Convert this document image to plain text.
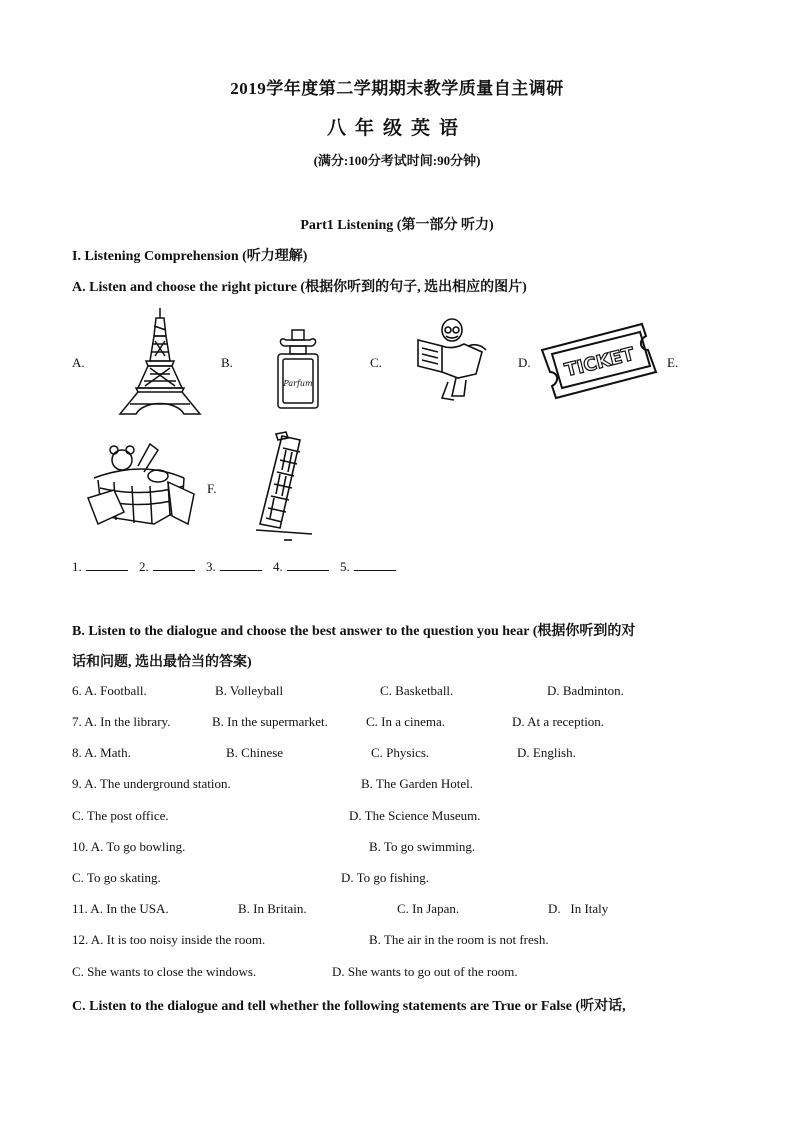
2019学年度第二学期期末教学质量自主调研
八年级英语
(满分:100分考试时间:90分钟)
Part1 Listening (第一部分 听力)
I. Listening Comprehension (听力理解)
A. Listen and choose the right picture (根据你听到的句子, 选出相应的图片)
A.	B.	C.	D.	E.
F.
Parfum
TICKET
1.	2.	3.	4.	5.
B. Listen to the dialogue and choose the best answer to the question you hear (根据你听到的对
话和问题, 选出最恰当的答案)
6. A. Football.	B. Volleyball	C. Basketball.	D. Badminton.
7. A. In the library.	B. In the supermarket.	C. In a cinema.	D. At a reception.
8. A. Math.	B. Chinese	C. Physics.	D. English.
9. A. The underground station.	B. The Garden Hotel.
C. The post office.	D. The Science Museum.
10. A. To go bowling.	B. To go swimming.
C. To go skating.	D. To go fishing.
11. A. In the USA.	B. In Britain.	C. In Japan.	D.   In Italy
12. A. It is too noisy inside the room.	B. The air in the room is not fresh.
C. She wants to close the windows.	D. She wants to go out of the room.
C. Listen to the dialogue and tell whether the following statements are True or False (听对话,
